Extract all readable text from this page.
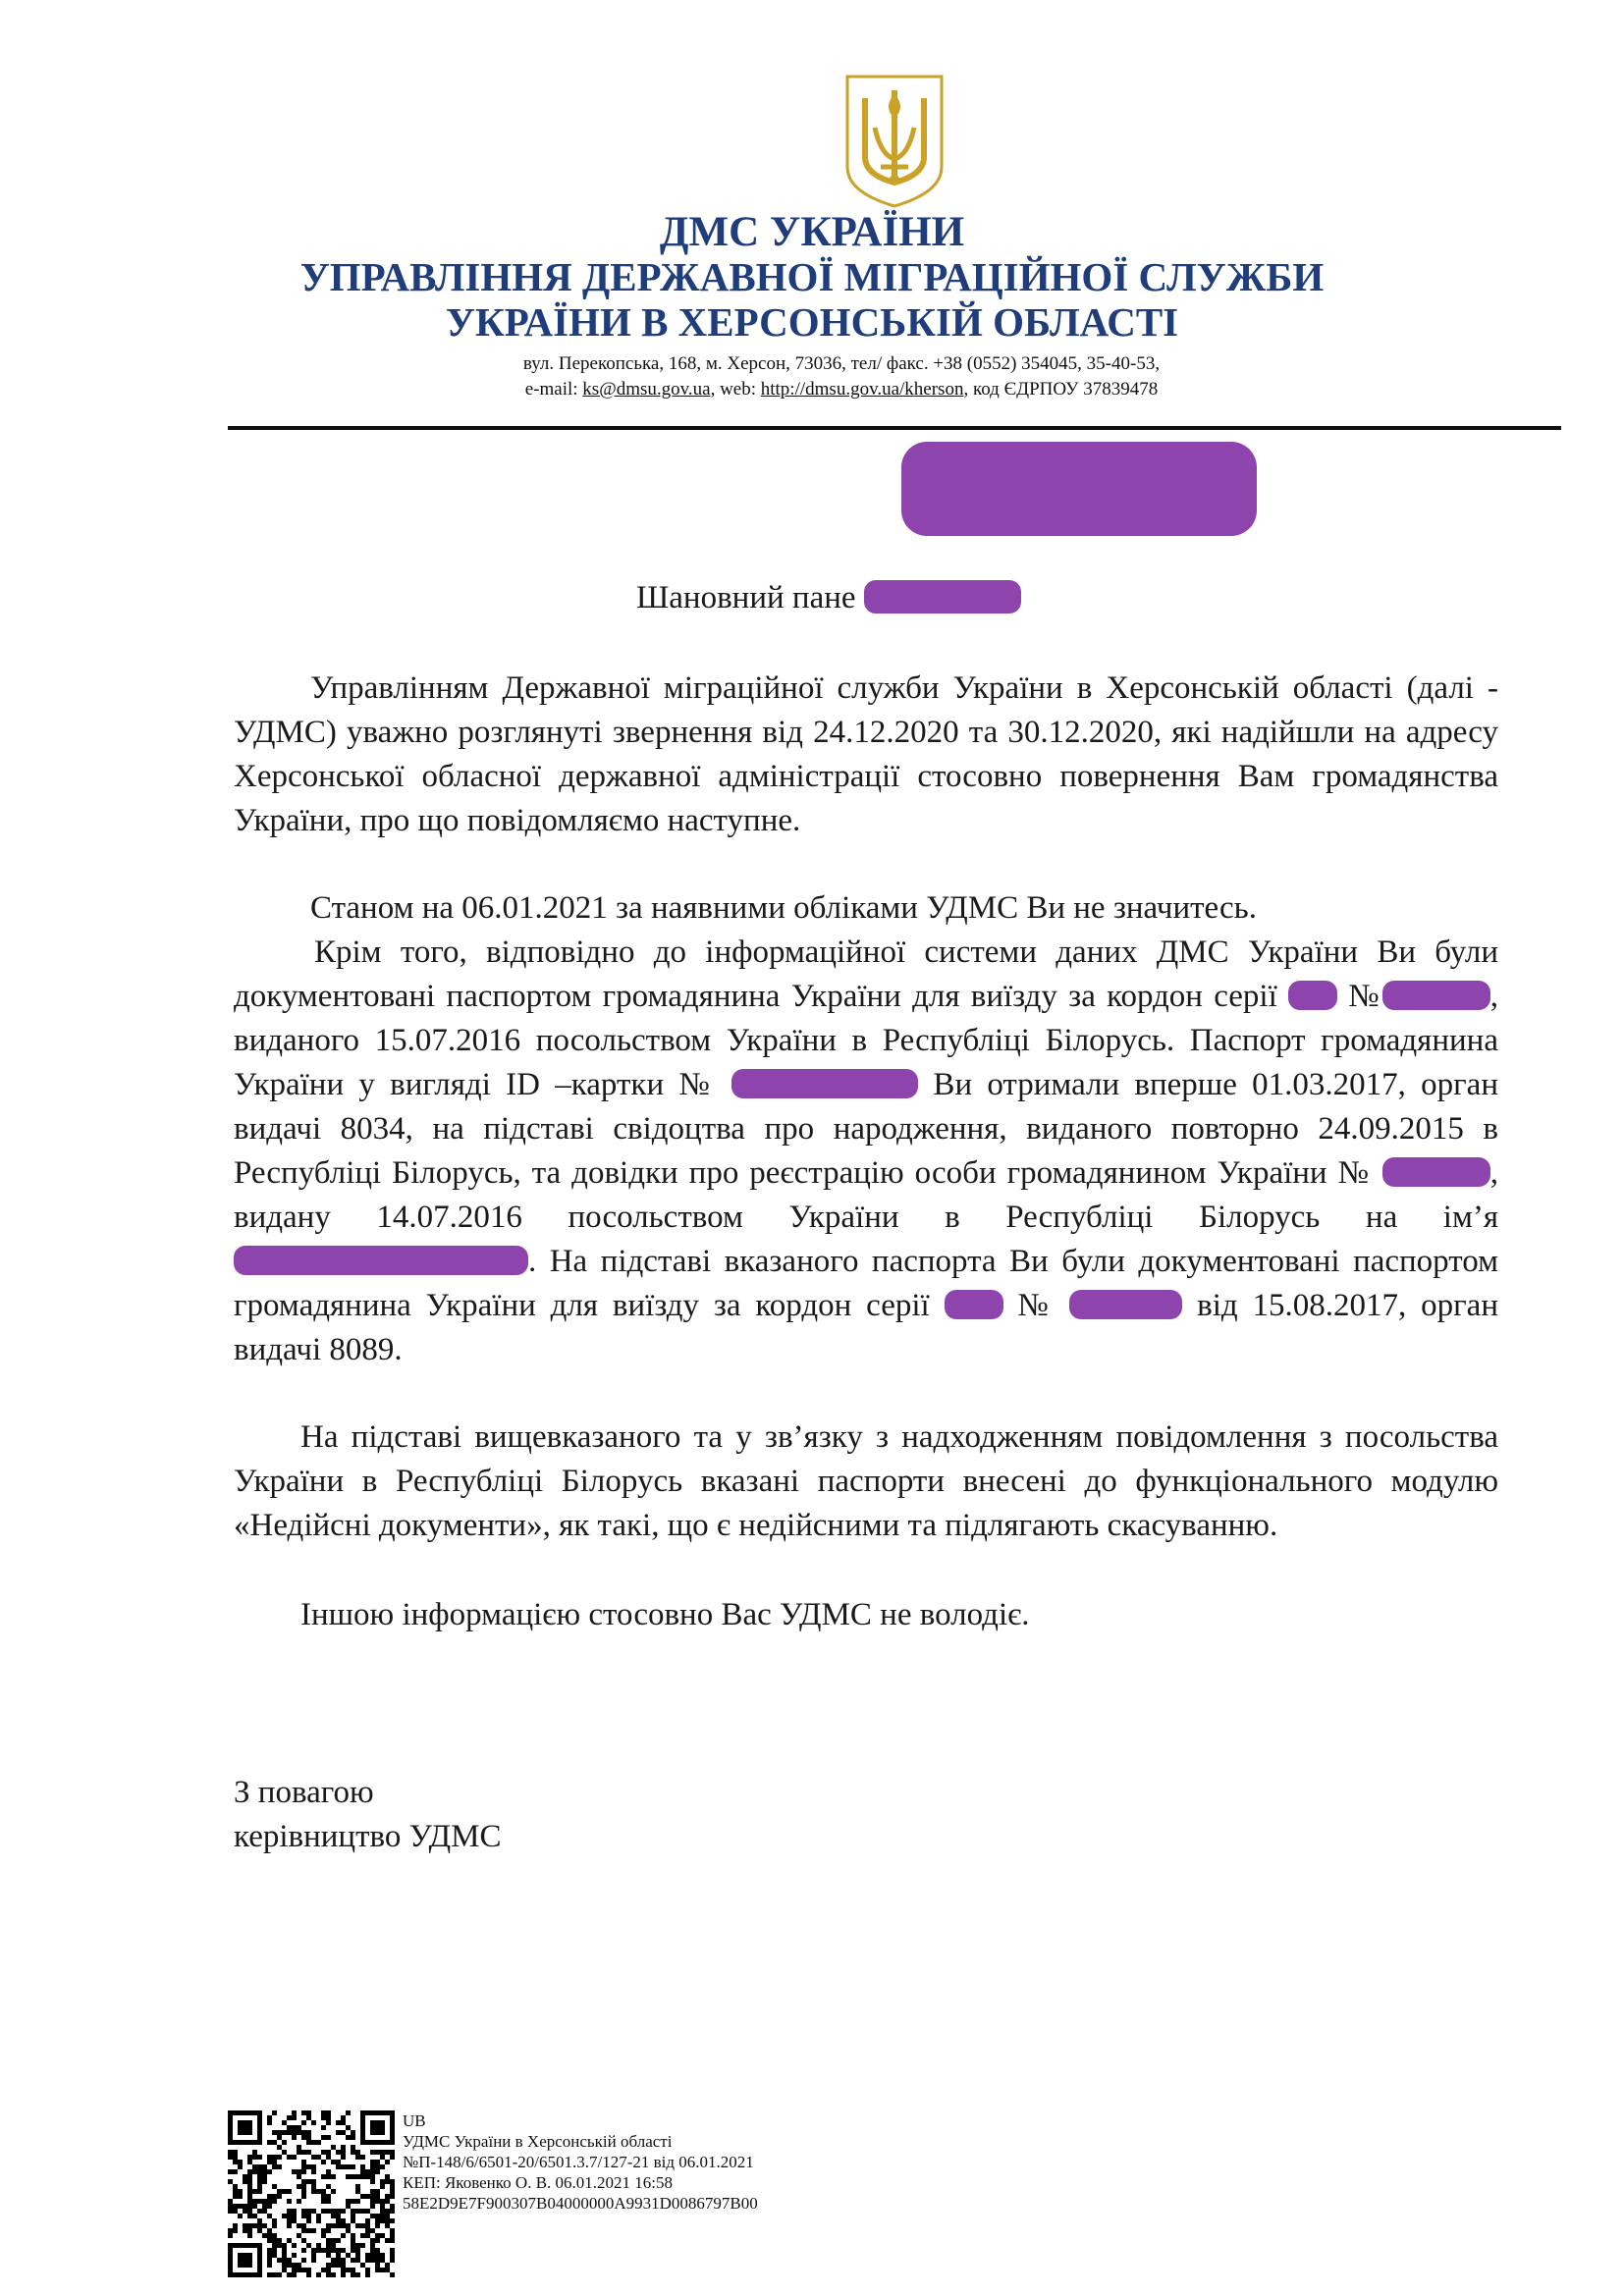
ДМС УКРАЇНИ
УПРАВЛІННЯ ДЕРЖАВНОЇ МІГРАЦІЙНОЇ СЛУЖБИ
УКРАЇНИ В ХЕРСОНСЬКІЙ ОБЛАСТІ
вул. Перекопська, 168, м. Херсон, 73036, тел/ факс. +38 (0552) 354045, 35-40-53,
e-mail: ks@dmsu.gov.ua, web: http://dmsu.gov.ua/kherson, код ЄДРПОУ 37839478
Шановний пане
Управлінням Державної міграційної служби України в Херсонській області (далі - УДМС) уважно розглянуті звернення від 24.12.2020 та 30.12.2020, які надійшли на адресу Херсонської обласної державної адміністрації стосовно повернення Вам громадянства України, про що повідомляємо наступне.
Станом на 06.01.2021 за наявними обліками УДМС Ви не значитесь.
Крім того, відповідно до інформаційної системи даних ДМС України Ви були документовані паспортом громадянина України для виїзду за кордон серії  №	, виданого 15.07.2016 посольством України в Республіці Білорусь. Паспорт громадянина України у вигляді ID –картки №	Ви отримали вперше 01.03.2017, орган видачі 8034, на підставі свідоцтва про народження, виданого повторно 24.09.2015 в Республіці Білорусь, та довідки про реєстрацію особи громадянином України №	, видану 14.07.2016 посольством України в Республіці Білорусь на ім’я . На підставі вказаного паспорта Ви були документовані паспортом громадянина України для виїзду за кордон серії  №	від 15.08.2017, орган видачі 8089.
На підставі вищевказаного та у зв’язку з надходженням повідомлення з посольства України в Республіці Білорусь вказані паспорти внесені до функціонального модулю «Недійсні документи», як такі, що є недійсними та підлягають скасуванню.
Іншою інформацією стосовно Вас УДМС не володіє.
З повагою
керівництво УДМС
UB
УДМС України в Херсонській області
№П-148/6/6501-20/6501.3.7/127-21 від 06.01.2021
КЕП: Яковенко О. В. 06.01.2021 16:58
58E2D9E7F900307B04000000A9931D0086797B00
